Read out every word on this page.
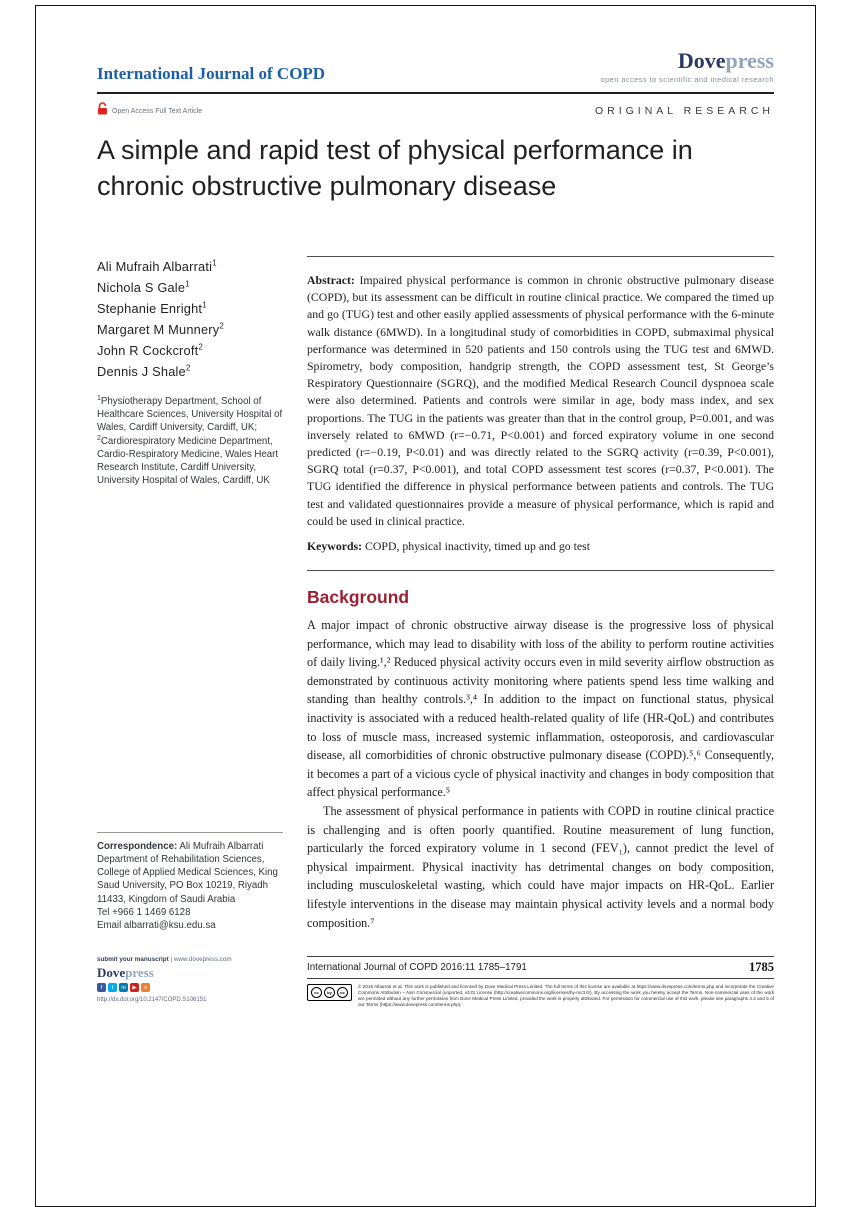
International Journal of COPD
Dovepress
open access to scientific and medical research
Open Access Full Text Article	ORIGINAL RESEARCH
A simple and rapid test of physical performance in chronic obstructive pulmonary disease
Ali Mufraih Albarrati$^1$
Nichola S Gale$^1$
Stephanie Enright$^1$
Margaret M Munnery$^2$
John R Cockcroft$^2$
Dennis J Shale$^2$
$^1$Physiotherapy Department, School of Healthcare Sciences, University Hospital of Wales, Cardiff University, Cardiff, UK; $^2$Cardiorespiratory Medicine Department, Cardio-Respiratory Medicine, Wales Heart Research Institute, Cardiff University, University Hospital of Wales, Cardiff, UK
Correspondence: Ali Mufraih Albarrati
Department of Rehabilitation Sciences, College of Applied Medical Sciences, King Saud University, PO Box 10219, Riyadh 11433, Kingdom of Saudi Arabia
Tel +966 1 1469 6128
Email albarrati@ksu.edu.sa

Abstract: Impaired physical performance is common in chronic obstructive pulmonary disease (COPD), but its assessment can be difficult in routine clinical practice. We compared the timed up and go (TUG) test and other easily applied assessments of physical performance with the 6-minute walk distance (6MWD). In a longitudinal study of comorbidities in COPD, submaximal physical performance was determined in 520 patients and 150 controls using the TUG test and 6MWD. Spirometry, body composition, handgrip strength, the COPD assessment test, St George’s Respiratory Questionnaire (SGRQ), and the modified Medical Research Council dyspnoea scale were also determined. Patients and controls were similar in age, body mass index, and sex proportions. The TUG in the patients was greater than that in the control group, P=0.001, and was inversely related to 6MWD (r=−0.71, P<0.001) and forced expiratory volume in one second predicted (r=−0.19, P<0.01) and was directly related to the SGRQ activity (r=0.39, P<0.001), SGRQ total (r=0.37, P<0.001), and total COPD assessment test scores (r=0.37, P<0.001). The TUG identified the difference in physical performance between patients and controls. The TUG test and validated questionnaires provide a measure of physical performance, which is rapid and could be used in clinical practice.

Keywords: COPD, physical inactivity, timed up and go test

Background

A major impact of chronic obstructive airway disease is the progressive loss of physical performance, which may lead to disability with loss of the ability to perform routine activities of daily living.¹,² Reduced physical activity occurs even in mild severity airflow obstruction as demonstrated by continuous activity monitoring where patients spend less time walking and standing than healthy controls.³,⁴ In addition to the impact on functional status, physical inactivity is associated with a reduced health-related quality of life (HR-QoL) and contributes to loss of muscle mass, increased systemic inflammation, osteoporosis, and cardiovascular disease, all comorbidities of chronic obstructive pulmonary disease (COPD).⁵,⁶ Consequently, it becomes a part of a vicious cycle of physical inactivity and changes in body composition that affect physical performance.⁵

The assessment of physical performance in patients with COPD in routine clinical practice is challenging and is often poorly quantified. Routine measurement of lung function, particularly the forced expiratory volume in 1 second (FEV₁), cannot predict the level of physical impairment. Physical inactivity has detrimental changes on body composition, including musculoskeletal wasting, which could have major impacts on HR-QoL. Earlier lifestyle interventions in the disease may maintain physical activity levels and a normal body composition.⁷

submit your manuscript | www.dovepress.com
Dovepress
f	t	in	▶	s
http://dx.doi.org/10.2147/COPD.S106151
International Journal of COPD 2016:11 1785–1791	1785
cc	by	nc

© 2016 Albarrati et al. This work is published and licensed by Dove Medical Press Limited. The full terms of this license are available at https://www.dovepress.com/terms.php and incorporate the Creative Commons Attribution – Non Commercial (unported, v3.0) License (http://creativecommons.org/licenses/by-nc/3.0/). By accessing the work you hereby accept the Terms. Non-commercial uses of the work are permitted without any further permission from Dove Medical Press Limited, provided the work is properly attributed. For permission for commercial use of this work, please see paragraphs 4.2 and 5 of our Terms (https://www.dovepress.com/terms.php).
